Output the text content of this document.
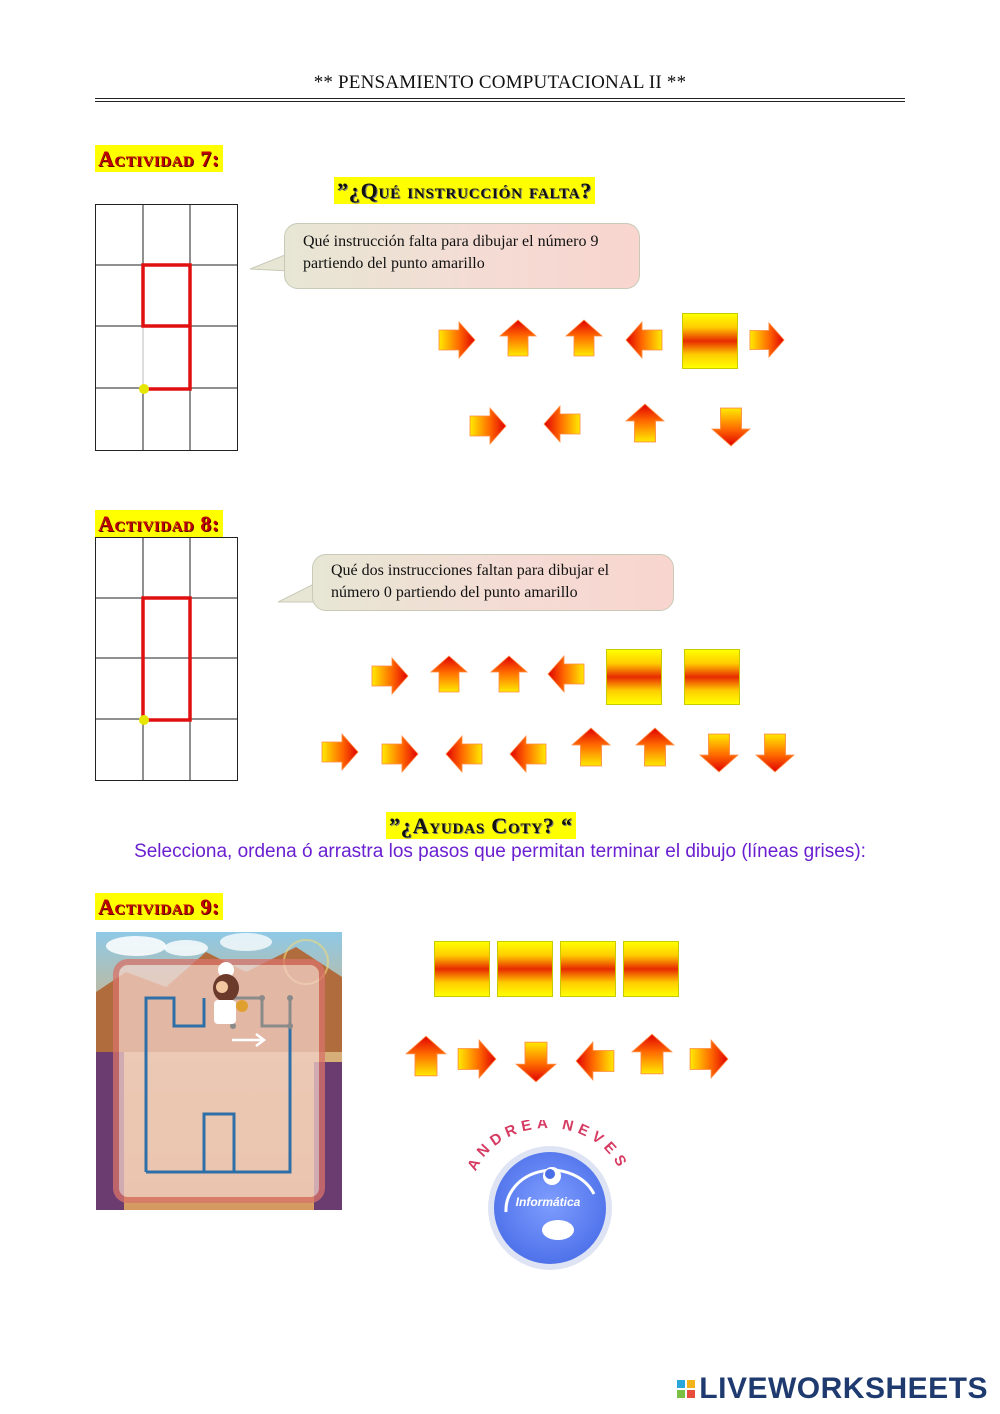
** PENSAMIENTO COMPUTACIONAL II **
Actividad 7:
”¿Qué instrucción falta?
Qué instrucción falta para dibujar el número 9
partiendo del punto amarillo
Actividad 8:
Qué dos instrucciones faltan para dibujar el
número 0 partiendo del punto amarillo
”¿Ayudas Coty? “
Selecciona, ordena ó arrastra los pasos que permitan terminar el dibujo (líneas grises):
Actividad 9:
ANDREA NEVES
Informática
LIVEWORKSHEETS
